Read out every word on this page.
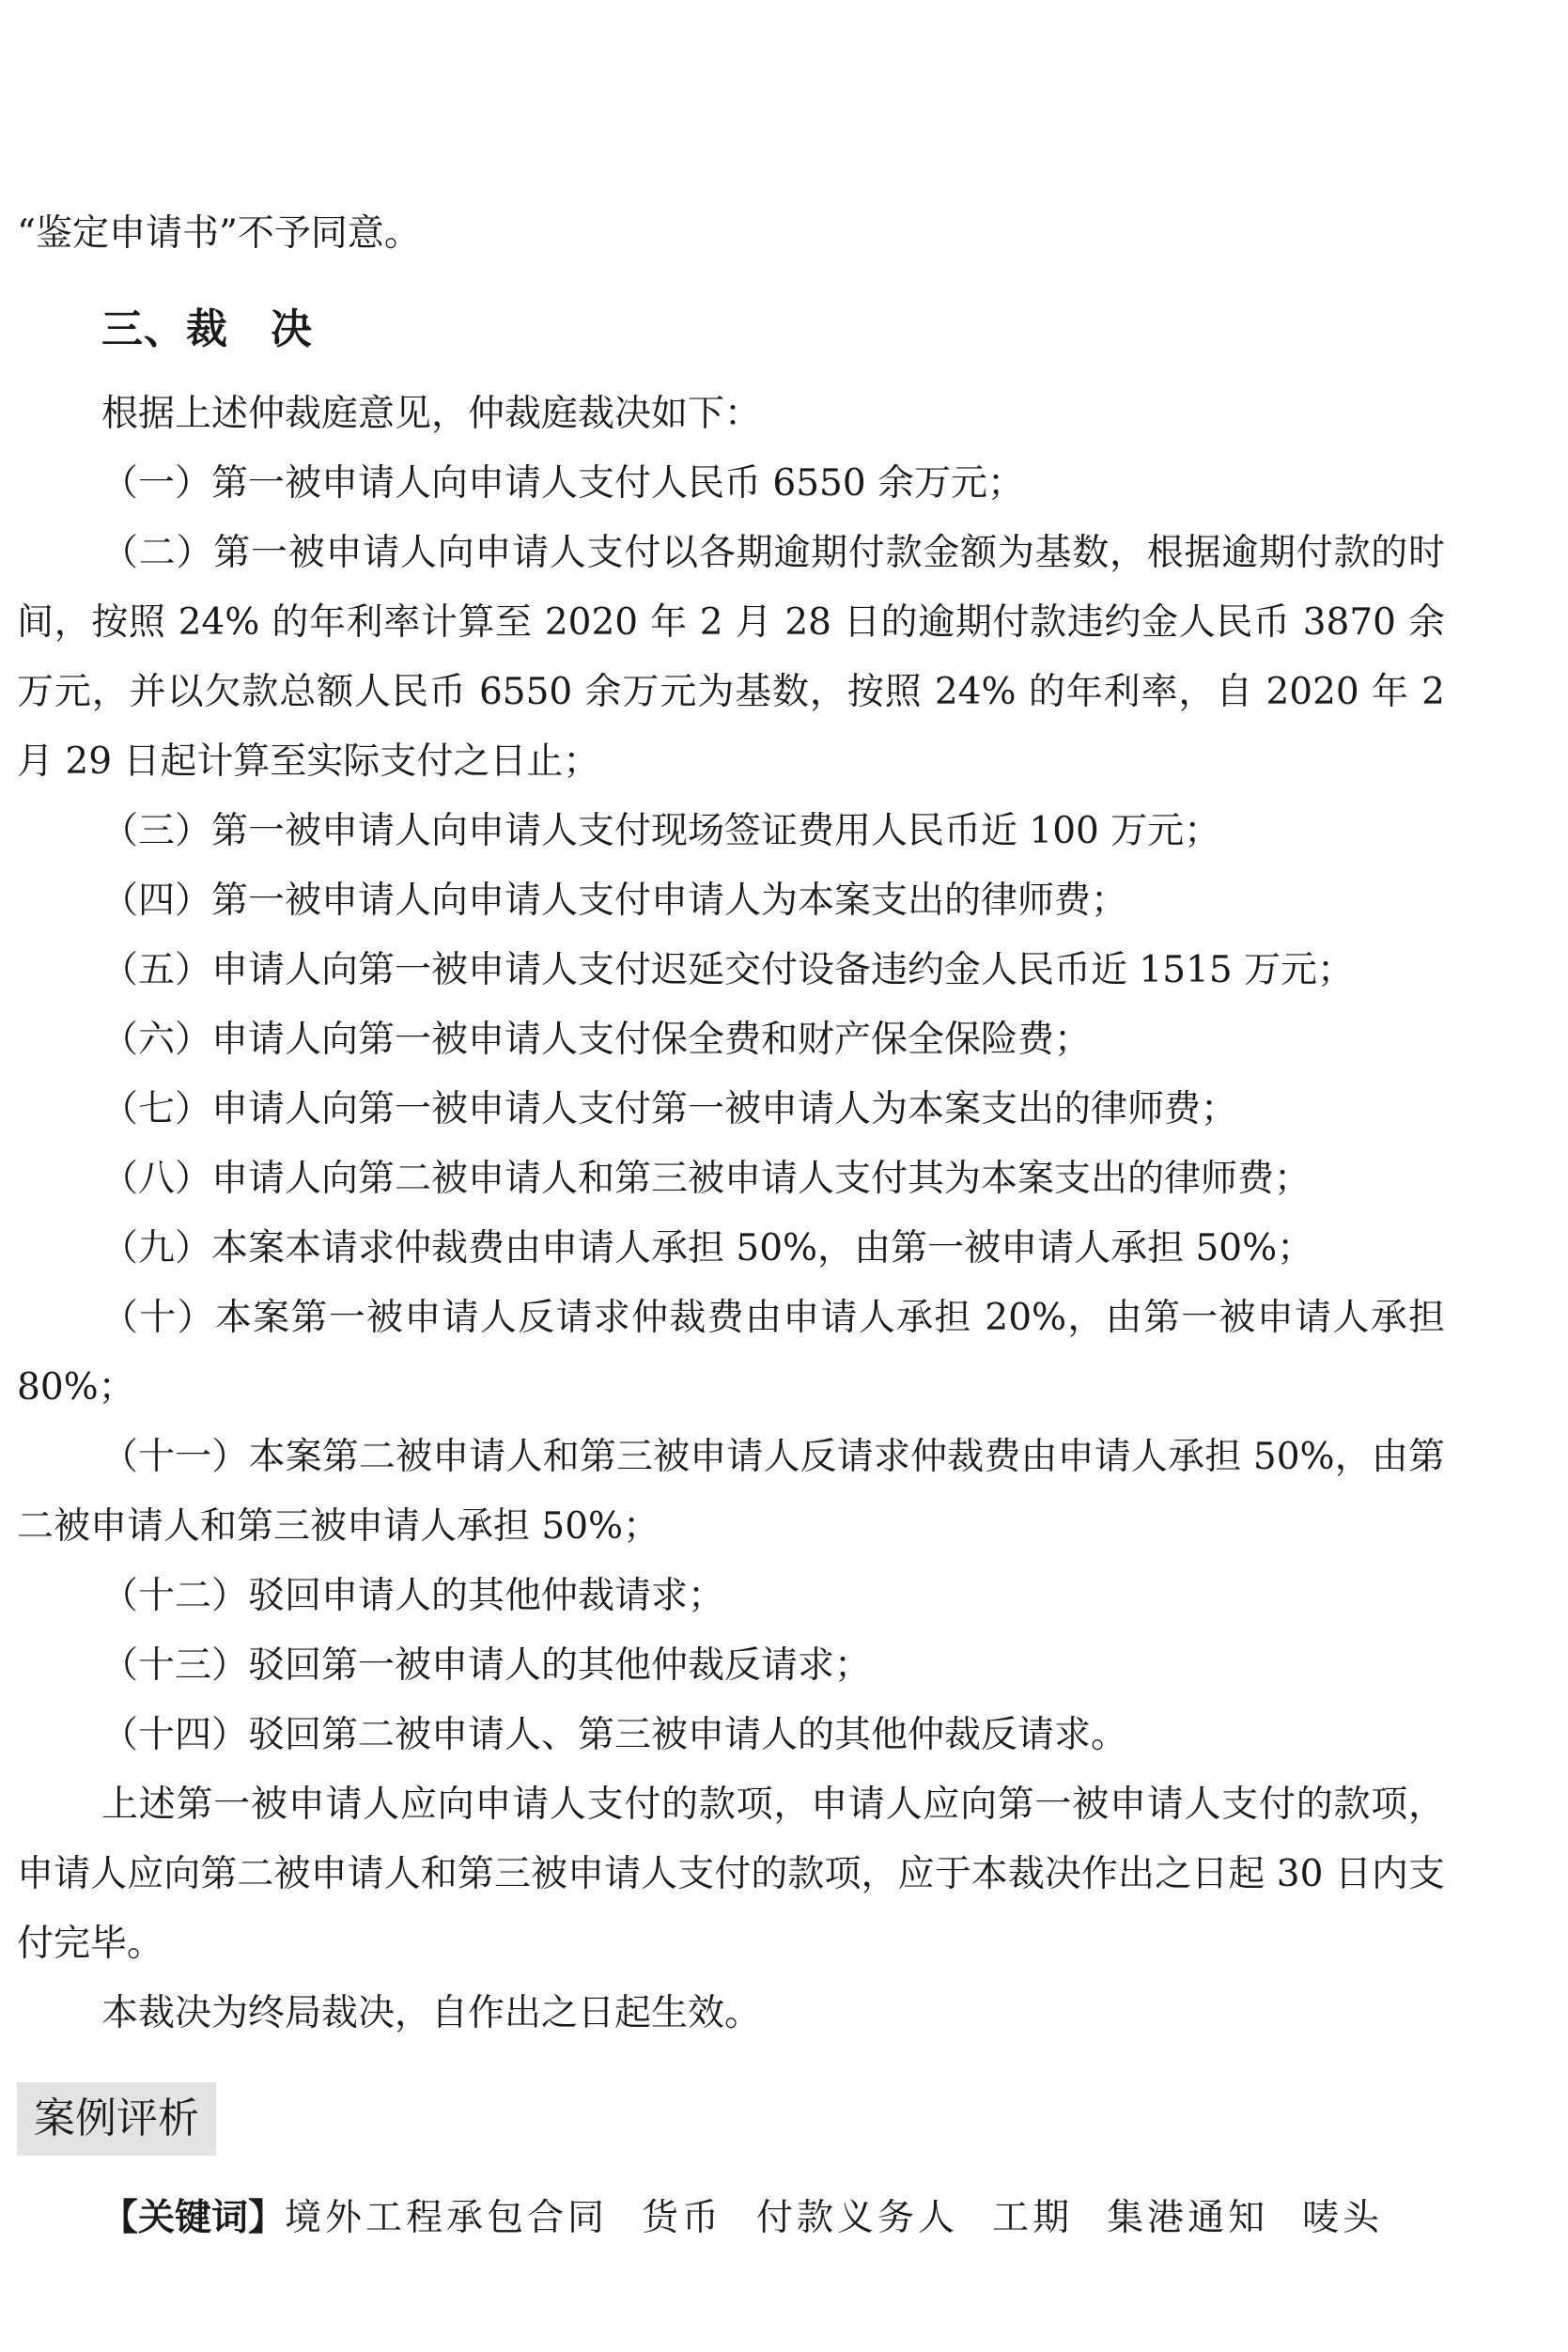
“鉴定申请书”不予同意。

三、裁　决

根据上述仲裁庭意见，仲裁庭裁决如下：

（一）第一被申请人向申请人支付人民币 6550 余万元；

（二）第一被申请人向申请人支付以各期逾期付款金额为基数，根据逾期付款的时间，按照 24% 的年利率计算至 2020 年 2 月 28 日的逾期付款违约金人民币 3870 余万元，并以欠款总额人民币 6550 余万元为基数，按照 24% 的年利率，自 2020 年 2 月 29 日起计算至实际支付之日止；

（三）第一被申请人向申请人支付现场签证费用人民币近 100 万元；

（四）第一被申请人向申请人支付申请人为本案支出的律师费；

（五）申请人向第一被申请人支付迟延交付设备违约金人民币近 1515 万元；

（六）申请人向第一被申请人支付保全费和财产保全保险费；

（七）申请人向第一被申请人支付第一被申请人为本案支出的律师费；

（八）申请人向第二被申请人和第三被申请人支付其为本案支出的律师费；

（九）本案本请求仲裁费由申请人承担 50%，由第一被申请人承担 50%；

（十）本案第一被申请人反请求仲裁费由申请人承担 20%，由第一被申请人承担 80%；

（十一）本案第二被申请人和第三被申请人反请求仲裁费由申请人承担 50%，由第二被申请人和第三被申请人承担 50%；

（十二）驳回申请人的其他仲裁请求；

（十三）驳回第一被申请人的其他仲裁反请求；

（十四）驳回第二被申请人、第三被申请人的其他仲裁反请求。

上述第一被申请人应向申请人支付的款项，申请人应向第一被申请人支付的款项，申请人应向第二被申请人和第三被申请人支付的款项，应于本裁决作出之日起 30 日内支付完毕。

本裁决为终局裁决，自作出之日起生效。

案例评析

【关键词】境外工程承包合同 货币 付款义务人 工期 集港通知 唛头
